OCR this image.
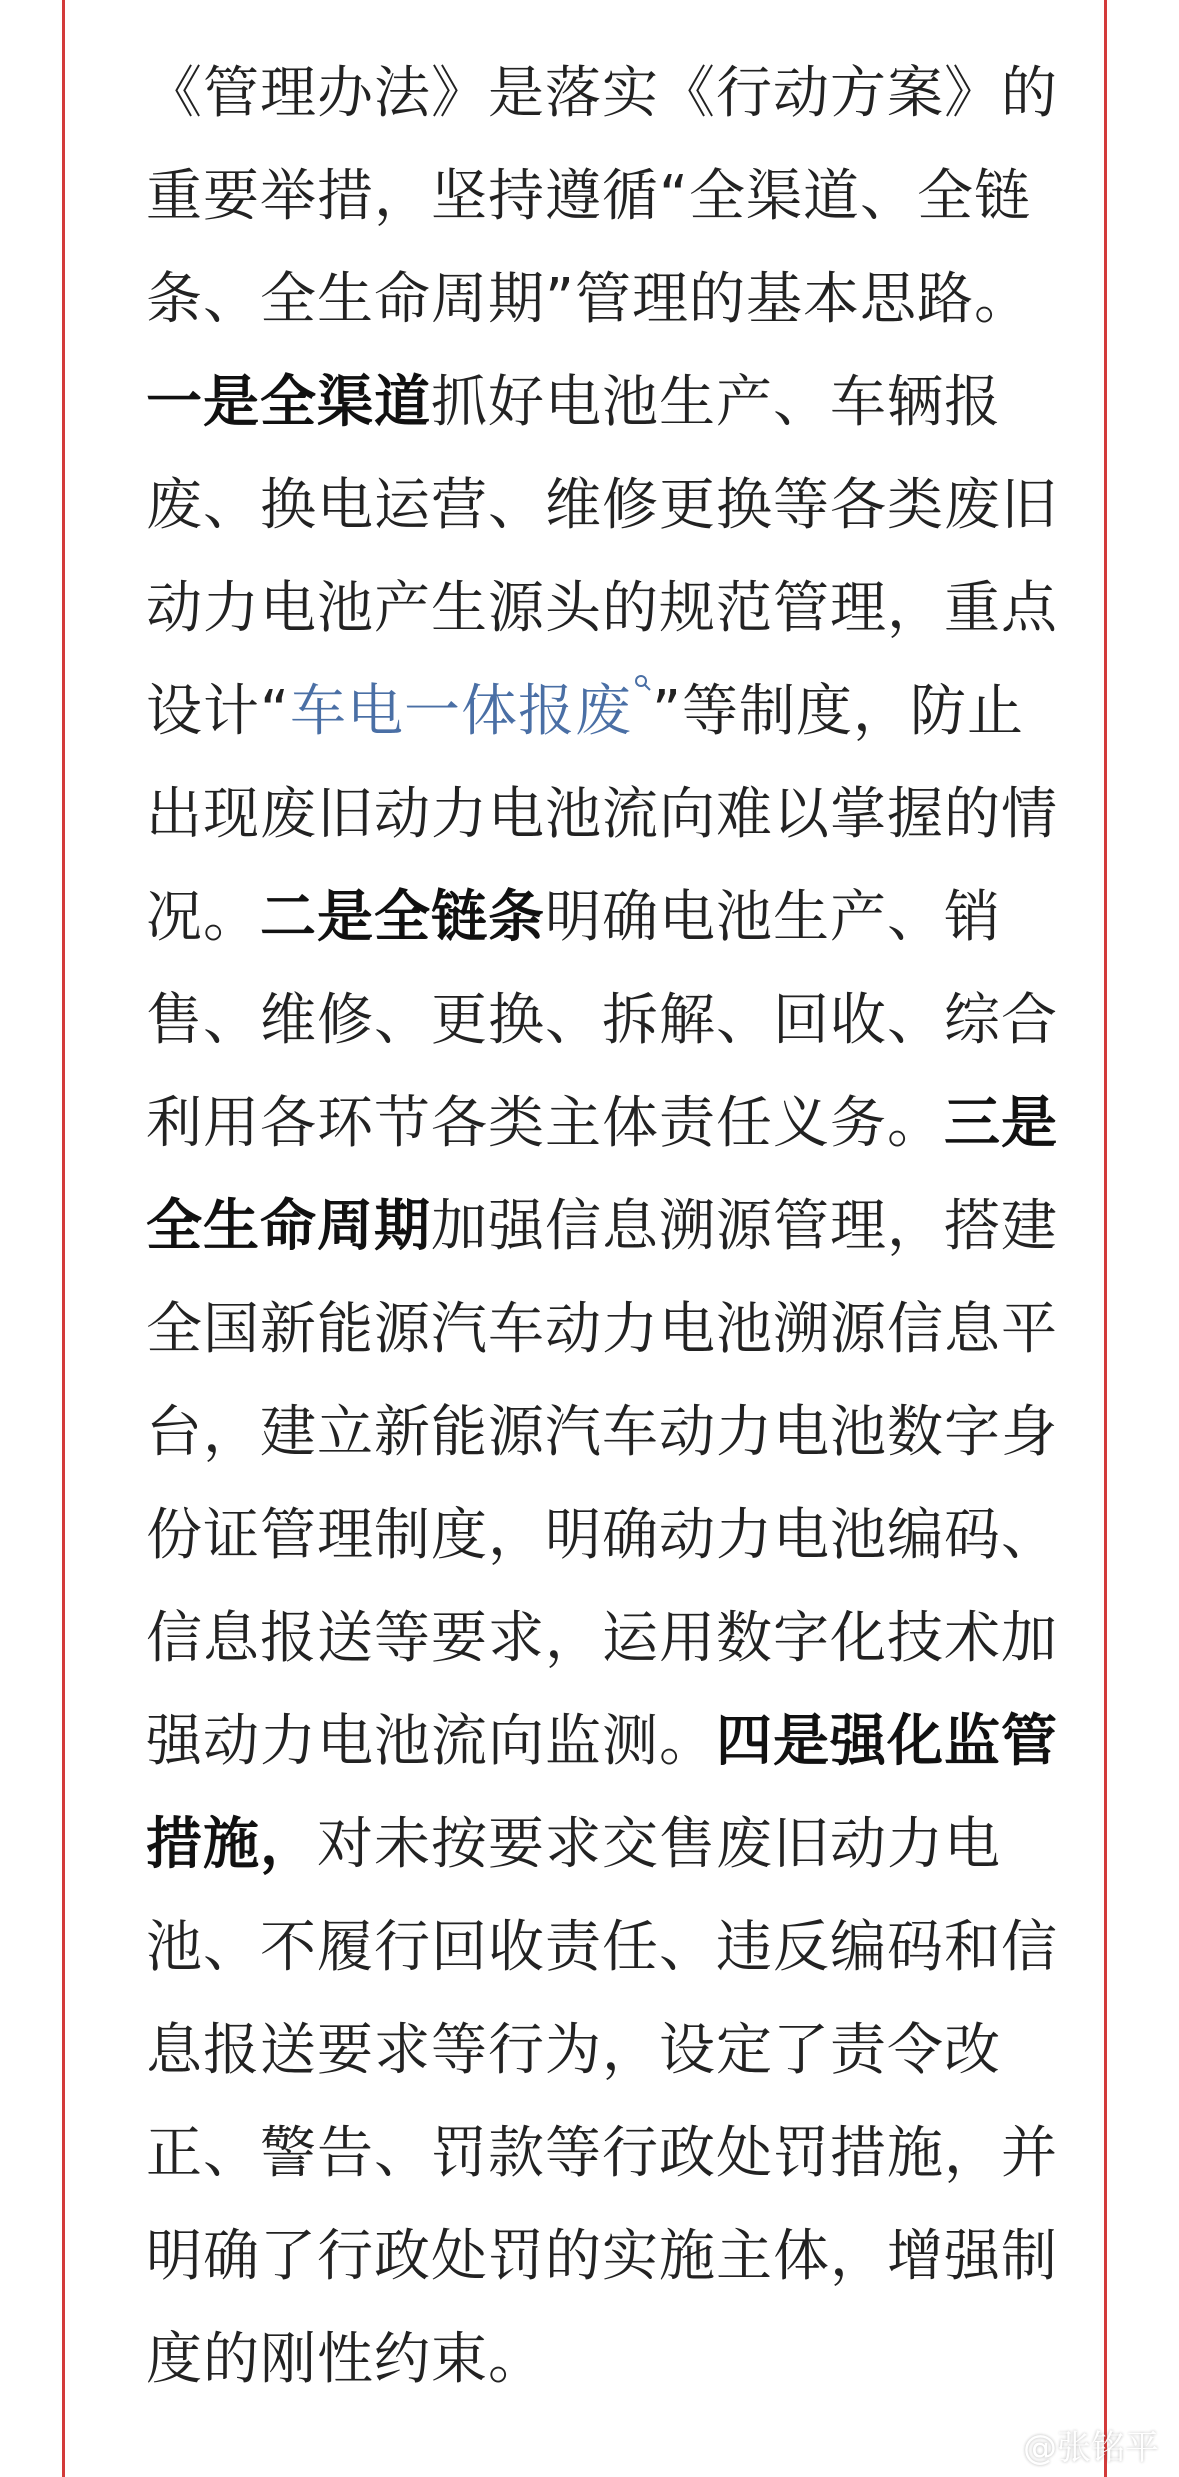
《管理办法》是落实《行动方案》的
重要举措，坚持遵循“全渠道、全链
条、全生命周期”管理的基本思路。
一是全渠道抓好电池生产、车辆报
废、换电运营、维修更换等各类废旧
动力电池产生源头的规范管理，重点
设计“车电一体报废 ”等制度，防止
出现废旧动力电池流向难以掌握的情
况。二是全链条明确电池生产、销
售、维修、更换、拆解、回收、综合
利用各环节各类主体责任义务。三是
全生命周期加强信息溯源管理，搭建
全国新能源汽车动力电池溯源信息平
台，建立新能源汽车动力电池数字身
份证管理制度，明确动力电池编码、
信息报送等要求，运用数字化技术加
强动力电池流向监测。四是强化监管
措施，对未按要求交售废旧动力电
池、不履行回收责任、违反编码和信
息报送要求等行为，设定了责令改
正、警告、罚款等行政处罚措施，并
明确了行政处罚的实施主体，增强制
度的刚性约束。
@张铭平
